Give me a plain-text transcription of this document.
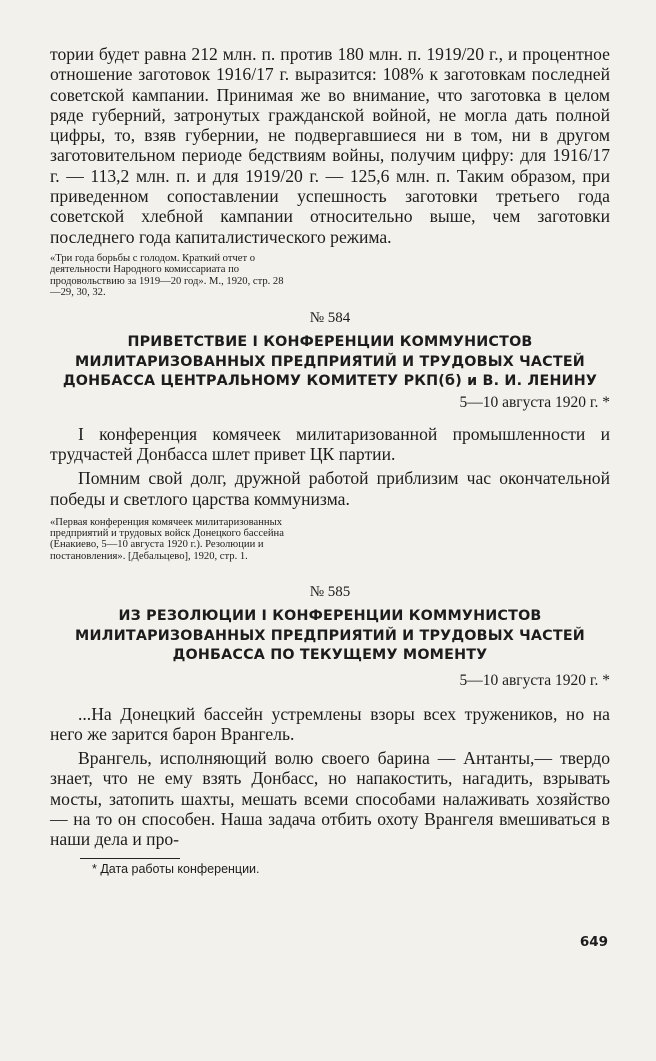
тории будет равна 212 млн. п. против 180 млн. п. 1919/20 г., и процентное отношение заготовок 1916/17 г. выразится: 108% к заготовкам последней советской кампании. Принимая же во внимание, что заготовка в целом ряде губерний, затронутых гражданской войной, не могла дать полной цифры, то, взяв губернии, не подвергавшиеся ни в том, ни в другом заготовительном периоде бедствиям войны, получим цифру: для 1916/17 г. — 113,2 млн. п. и для 1919/20 г. — 125,6 млн. п. Таким образом, при приведенном сопоставлении успешность заготовки третьего года советской хлебной кампании относительно выше, чем заготовки последнего года капиталистического режима.

«Три года борьбы с голодом. Краткий отчет о деятельности Народного комиссариата по продовольствию за 1919—20 год». М., 1920, стр. 28—29, 30, 32.

№ 584

ПРИВЕТСТВИЕ I КОНФЕРЕНЦИИ КОММУНИСТОВ МИЛИТАРИЗОВАННЫХ ПРЕДПРИЯТИЙ И ТРУДОВЫХ ЧАСТЕЙ ДОНБАССА ЦЕНТРАЛЬНОМУ КОМИТЕТУ РКП(б) и В. И. ЛЕНИНУ

5—10 августа 1920 г. *

I конференция комячеек милитаризованной промышленности и трудчастей Донбасса шлет привет ЦК партии.

Помним свой долг, дружной работой приблизим час окончательной победы и светлого царства коммунизма.

«Первая конференция комячеек милитаризованных предприятий и трудовых войск Донецкого бассейна (Енакиево, 5—10 августа 1920 г.). Резолюции и постановления». [Дебальцево], 1920, стр. 1.

№ 585

ИЗ РЕЗОЛЮЦИИ I КОНФЕРЕНЦИИ КОММУНИСТОВ МИЛИТАРИЗОВАННЫХ ПРЕДПРИЯТИЙ И ТРУДОВЫХ ЧАСТЕЙ ДОНБАССА ПО ТЕКУЩЕМУ МОМЕНТУ

5—10 августа 1920 г. *

...На Донецкий бассейн устремлены взоры всех тружеников, но на него же зарится барон Врангель.

Врангель, исполняющий волю своего барина — Антанты,— твердо знает, что не ему взять Донбасс, но напакостить, нагадить, взрывать мосты, затопить шахты, мешать всеми способами налаживать хозяйство — на то он способен. Наша задача отбить охоту Врангеля вмешиваться в наши дела и про-

* Дата работы конференции.

649
